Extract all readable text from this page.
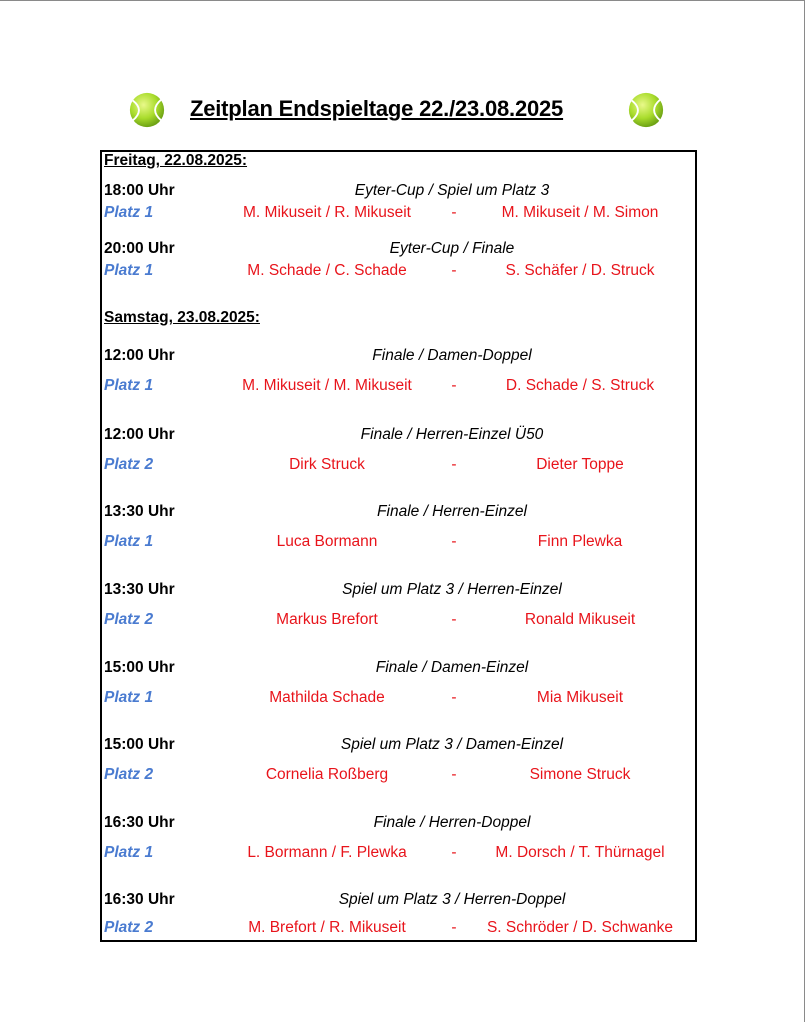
Zeitplan Endspieltage 22./23.08.2025
Freitag, 22.08.2025:
18:00 Uhr	Eyter-Cup / Spiel um Platz 3
Platz 1	M. Mikuseit / R. Mikuseit	-	M. Mikuseit / M. Simon
20:00 Uhr	Eyter-Cup / Finale
Platz 1	M. Schade / C. Schade	-	S. Schäfer / D. Struck
Samstag, 23.08.2025:
12:00 Uhr	Finale / Damen-Doppel
Platz 1	M. Mikuseit / M. Mikuseit	-	D. Schade / S. Struck
12:00 Uhr	Finale / Herren-Einzel Ü50
Platz 2	Dirk Struck	-	Dieter Toppe
13:30 Uhr	Finale / Herren-Einzel
Platz 1	Luca Bormann	-	Finn Plewka
13:30 Uhr	Spiel um Platz 3 / Herren-Einzel
Platz 2	Markus Brefort	-	Ronald Mikuseit
15:00 Uhr	Finale / Damen-Einzel
Platz 1	Mathilda Schade	-	Mia Mikuseit
15:00 Uhr	Spiel um Platz 3 / Damen-Einzel
Platz 2	Cornelia Roßberg	-	Simone Struck
16:30 Uhr	Finale / Herren-Doppel
Platz 1	L. Bormann / F. Plewka	-	M. Dorsch / T. Thürnagel
16:30 Uhr	Spiel um Platz 3 / Herren-Doppel
Platz 2	M. Brefort / R. Mikuseit	-	S. Schröder / D. Schwanke
